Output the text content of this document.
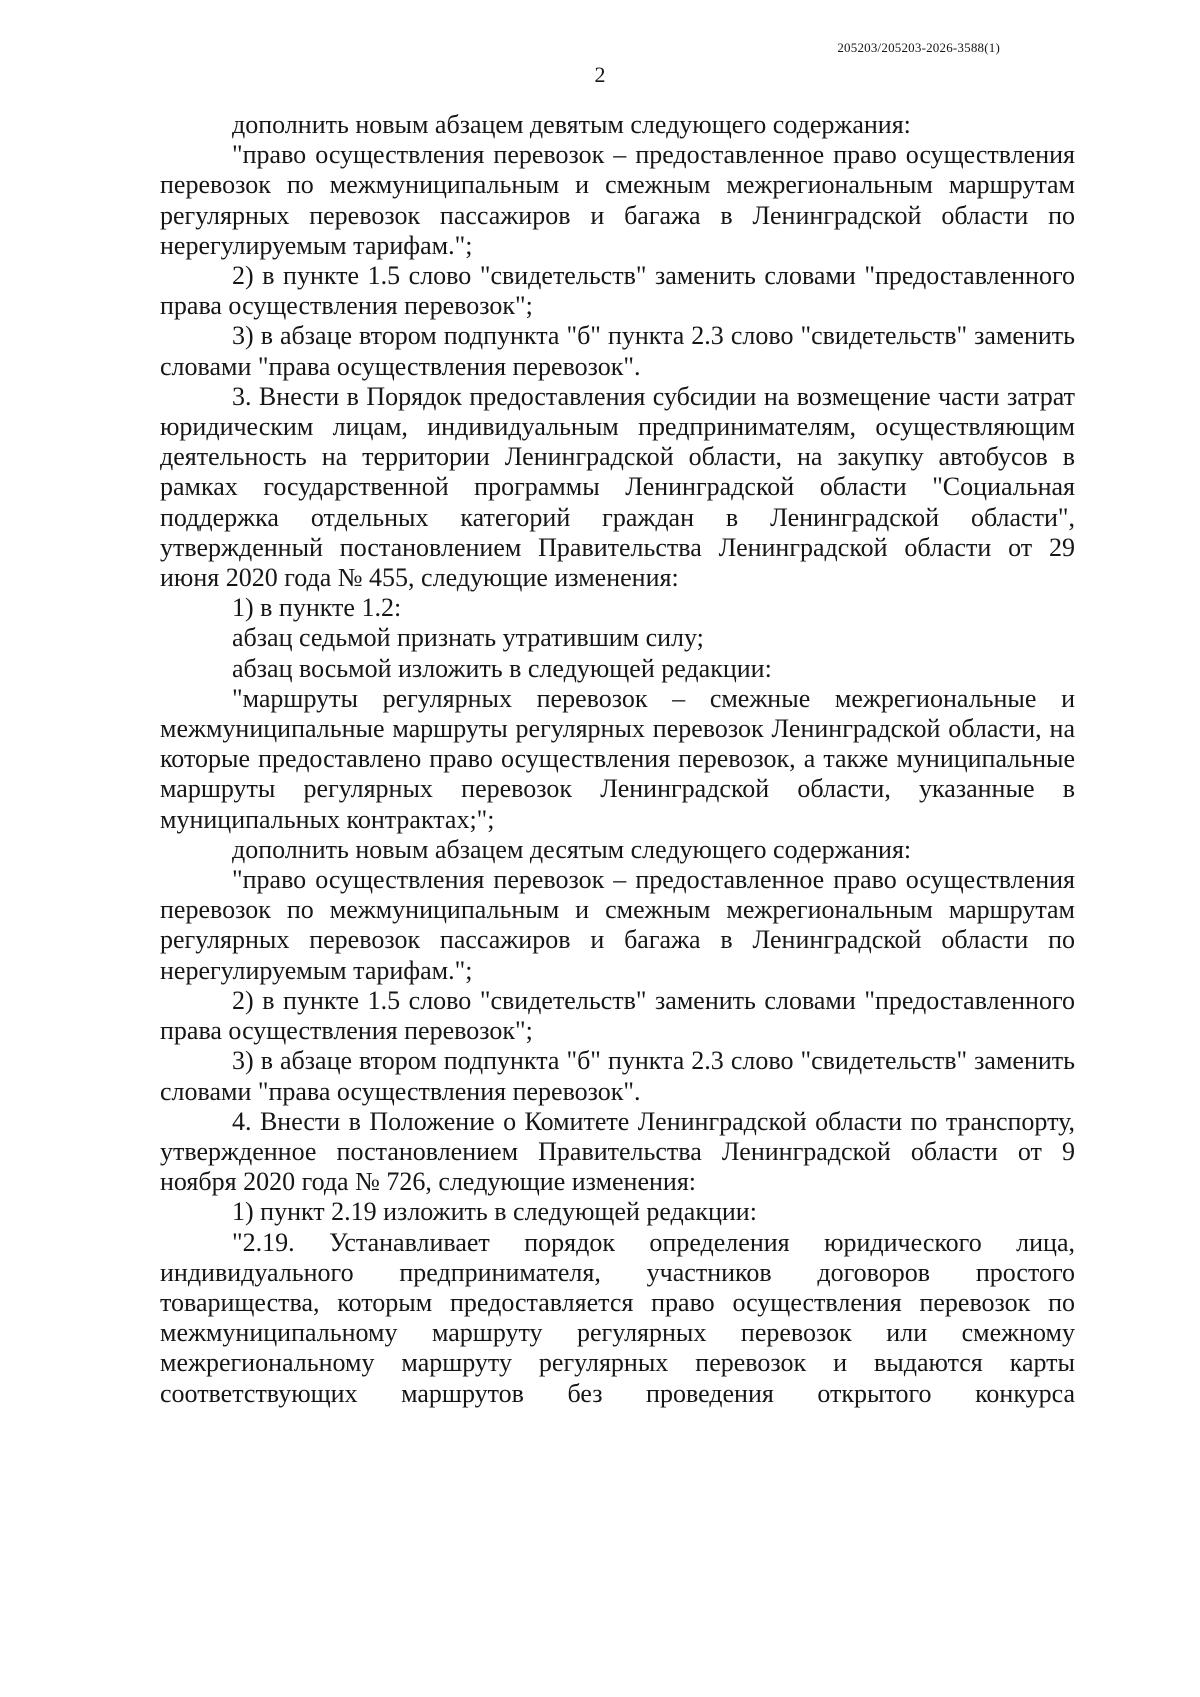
205203/205203-2026-3588(1)
2

дополнить новым абзацем девятым следующего содержания:

"право осуществления перевозок – предоставленное право осуществления перевозок по межмуниципальным и смежным межрегиональным маршрутам регулярных перевозок пассажиров и багажа в Ленинградской области по нерегулируемым тарифам.";

2) в пункте 1.5 слово "свидетельств" заменить словами "предоставленного права осуществления перевозок";

3) в абзаце втором подпункта "б" пункта 2.3 слово "свидетельств" заменить словами "права осуществления перевозок".

3. Внести в Порядок предоставления субсидии на возмещение части затрат юридическим лицам, индивидуальным предпринимателям, осуществляющим деятельность на территории Ленинградской области, на закупку автобусов в рамках государственной программы Ленинградской области "Социальная поддержка отдельных категорий граждан в Ленинградской области", утвержденный постановлением Правительства Ленинградской области от 29 июня 2020 года № 455, следующие изменения:

1) в пункте 1.2:

абзац седьмой признать утратившим силу;

абзац восьмой изложить в следующей редакции:

"маршруты регулярных перевозок – смежные межрегиональные и межмуниципальные маршруты регулярных перевозок Ленинградской области, на которые предоставлено право осуществления перевозок, а также муниципальные маршруты регулярных перевозок Ленинградской области, указанные в муниципальных контрактах;";

дополнить новым абзацем десятым следующего содержания:

"право осуществления перевозок – предоставленное право осуществления перевозок по межмуниципальным и смежным межрегиональным маршрутам регулярных перевозок пассажиров и багажа в Ленинградской области по нерегулируемым тарифам.";

2) в пункте 1.5 слово "свидетельств" заменить словами "предоставленного права осуществления перевозок";

3) в абзаце втором подпункта "б" пункта 2.3 слово "свидетельств" заменить словами "права осуществления перевозок".

4. Внести в Положение о Комитете Ленинградской области по транспорту, утвержденное постановлением Правительства Ленинградской области от 9 ноября 2020 года № 726, следующие изменения:

1) пункт 2.19 изложить в следующей редакции:

"2.19. Устанавливает порядок определения юридического лица, индивидуального предпринимателя, участников договоров простого товарищества, которым предоставляется право осуществления перевозок по межмуниципальному маршруту регулярных перевозок или смежному межрегиональному маршруту регулярных перевозок и выдаются карты соответствующих маршрутов без проведения открытого конкурса
